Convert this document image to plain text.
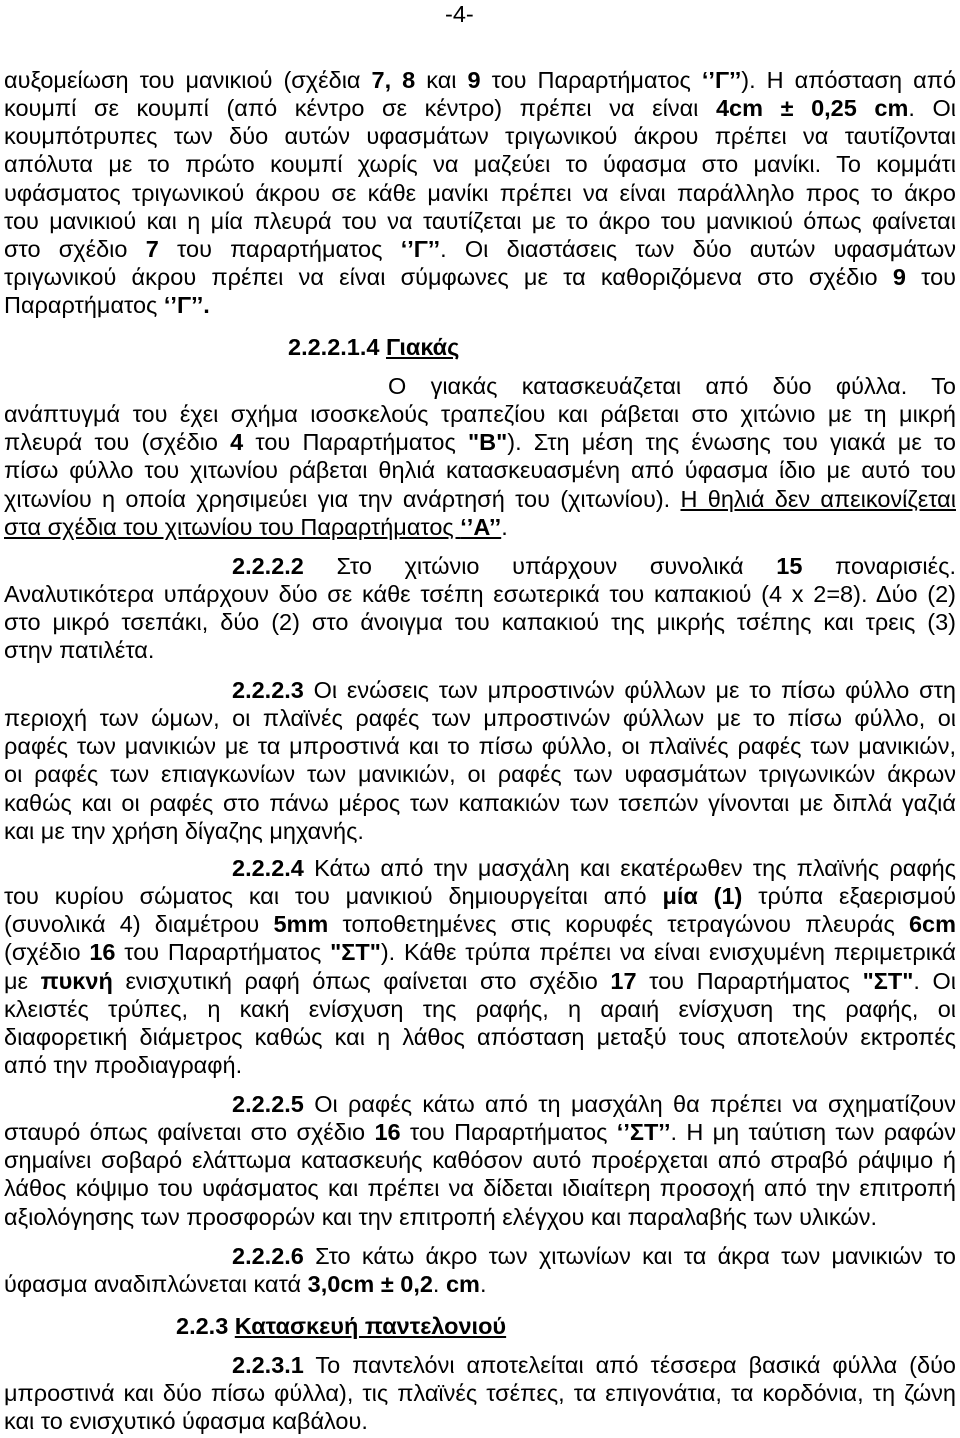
-4-
αυξομείωση του μανικιού (σχέδια 7, 8 και 9 του Παραρτήματος ‘’Γ’’). Η απόσταση από
κουμπί σε κουμπί (από κέντρο σε κέντρο) πρέπει να είναι 4cm ± 0,25 cm. Οι
κουμπότρυπες των δύο αυτών υφασμάτων τριγωνικού άκρου πρέπει να ταυτίζονται
απόλυτα με το πρώτο κουμπί χωρίς να μαζεύει το ύφασμα στο μανίκι. Το κομμάτι
υφάσματος τριγωνικού άκρου σε κάθε μανίκι πρέπει να είναι παράλληλο προς το άκρο
του μανικιού και η μία πλευρά του να ταυτίζεται με το άκρο του μανικιού όπως φαίνεται
στο σχέδιο 7 του παραρτήματος ‘’Γ’’. Οι διαστάσεις των δύο αυτών υφασμάτων
τριγωνικού άκρου πρέπει να είναι σύμφωνες με τα καθοριζόμενα στο σχέδιο 9 του
Παραρτήματος ‘’Γ’’.
2.2.2.1.4 Γιακάς
Ο γιακάς κατασκευάζεται από δύο φύλλα. Το
ανάπτυγμά του έχει σχήμα ισοσκελούς τραπεζίου και ράβεται στο χιτώνιο με τη μικρή
πλευρά του (σχέδιο 4 του Παραρτήματος "Β"). Στη μέση της ένωσης του γιακά με το
πίσω φύλλο του χιτωνίου ράβεται θηλιά κατασκευασμένη από ύφασμα ίδιο με αυτό του
χιτωνίου η οποία χρησιμεύει για την ανάρτησή του (χιτωνίου). Η θηλιά δεν απεικονίζεται
στα σχέδια του χιτωνίου του Παραρτήματος ‘’Α’’.
2.2.2.2 Στο χιτώνιο υπάρχουν συνολικά 15 ποναρισιές.
Αναλυτικότερα υπάρχουν δύο σε κάθε τσέπη εσωτερικά του καπακιού (4 x 2=8). Δύο (2)
στο μικρό τσεπάκι, δύο (2) στο άνοιγμα του καπακιού της μικρής τσέπης και τρεις (3)
στην πατιλέτα.
2.2.2.3 Οι ενώσεις των μπροστινών φύλλων με το πίσω φύλλο στη
περιοχή των ώμων, οι πλαϊνές ραφές των μπροστινών φύλλων με το πίσω φύλλο, οι
ραφές των μανικιών με τα μπροστινά και το πίσω φύλλο, οι πλαϊνές ραφές των μανικιών,
οι ραφές των επιαγκωνίων των μανικιών, οι ραφές των υφασμάτων τριγωνικών άκρων
καθώς και οι ραφές στο πάνω μέρος των καπακιών των τσεπών γίνονται με διπλά γαζιά
και με την χρήση δίγαζης μηχανής.
2.2.2.4 Κάτω από την μασχάλη και εκατέρωθεν της πλαϊνής ραφής
του κυρίου σώματος και του μανικιού δημιουργείται από μία (1) τρύπα εξαερισμού
(συνολικά 4) διαμέτρου 5mm τοποθετημένες στις κορυφές τετραγώνου πλευράς 6cm
(σχέδιο 16 του Παραρτήματος "ΣΤ"). Κάθε τρύπα πρέπει να είναι ενισχυμένη περιμετρικά
με πυκνή ενισχυτική ραφή όπως φαίνεται στο σχέδιο 17 του Παραρτήματος "ΣΤ". Οι
κλειστές τρύπες, η κακή ενίσχυση της ραφής, η αραιή ενίσχυση της ραφής, οι
διαφορετική διάμετρος καθώς και η λάθος απόσταση μεταξύ τους αποτελούν εκτροπές
από την προδιαγραφή.
2.2.2.5 Οι ραφές κάτω από τη μασχάλη θα πρέπει να σχηματίζουν
σταυρό όπως φαίνεται στο σχέδιο 16 του Παραρτήματος ‘’ΣΤ’’. Η μη ταύτιση των ραφών
σημαίνει σοβαρό ελάττωμα κατασκευής καθόσον αυτό προέρχεται από στραβό ράψιμο ή
λάθος κόψιμο του υφάσματος και πρέπει να δίδεται ιδιαίτερη προσοχή από την επιτροπή
αξιολόγησης των προσφορών και την επιτροπή ελέγχου και παραλαβής των υλικών.
2.2.2.6 Στο κάτω άκρο των χιτωνίων και τα άκρα των μανικιών το
ύφασμα αναδιπλώνεται κατά 3,0cm ± 0,2. cm.
2.2.3 Κατασκευή παντελονιού
2.2.3.1 Το παντελόνι αποτελείται από τέσσερα βασικά φύλλα (δύο
μπροστινά και δύο πίσω φύλλα), τις πλαϊνές τσέπες, τα επιγονάτια, τα κορδόνια, τη ζώνη
και το ενισχυτικό ύφασμα καβάλου.
